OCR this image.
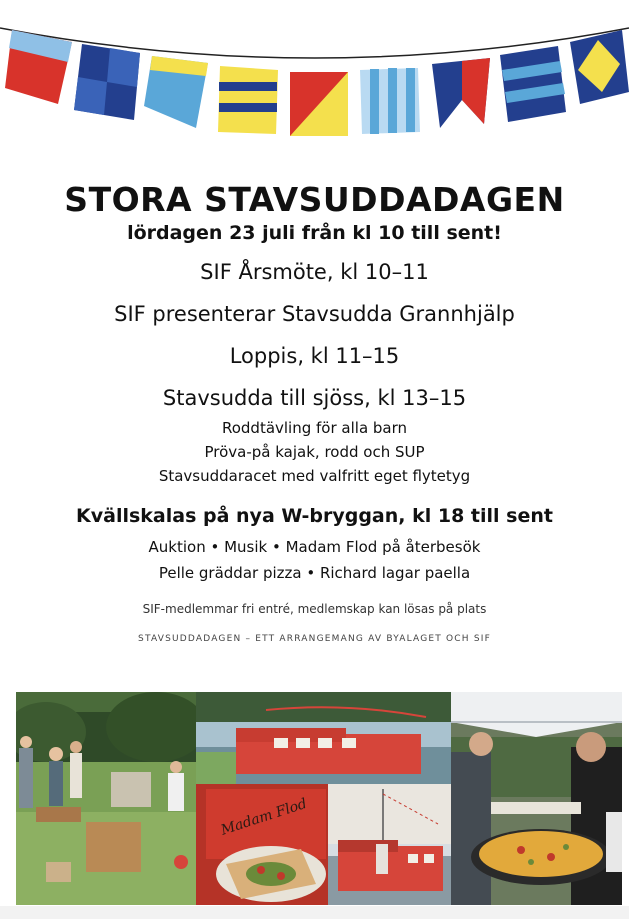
STORA STAVSUDDADAGEN

lördagen 23 juli från kl 10 till sent!

SIF Årsmöte, kl 10–11

SIF presenterar Stavsudda Grannhjälp

Loppis, kl 11–15

Stavsudda till sjöss, kl 13–15

Roddtävling för alla barn

Pröva-på kajak, rodd och SUP

Stavsuddaracet med valfritt eget flytetyg

Kvällskalas på nya W-bryggan, kl 18 till sent

Auktion • Musik • Madam Flod på återbesök

Pelle gräddar pizza • Richard lagar paella

SIF-medlemmar fri entré, medlemskap kan lösas på plats

STAVSUDDADAGEN – ETT ARRANGEMANG AV BYALAGET OCH SIF

Madam Flod
